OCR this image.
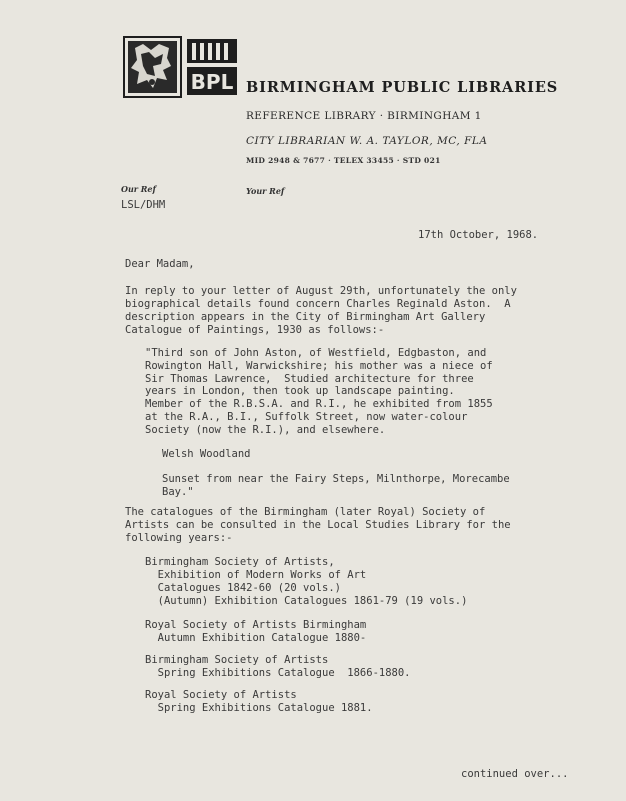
BPL BIRMINGHAM PUBLIC LIBRARIES
REFERENCE LIBRARY · BIRMINGHAM 1
CITY LIBRARIAN W. A. TAYLOR, MC, FLA
MID 2948 & 7677 · TELEX 33455 · STD 021
Our Ref	Your Ref
LSL/DHM
17th October, 1968.
Dear Madam,
In reply to your letter of August 29th, unfortunately the only
biographical details found concern Charles Reginald Aston.  A
description appears in the City of Birmingham Art Gallery
Catalogue of Paintings, 1930 as follows:-
"Third son of John Aston, of Westfield, Edgbaston, and
Rowington Hall, Warwickshire; his mother was a niece of
Sir Thomas Lawrence,  Studied architecture for three
years in London, then took up landscape painting.
Member of the R.B.S.A. and R.I., he exhibited from 1855
at the R.A., B.I., Suffolk Street, now water-colour
Society (now the R.I.), and elsewhere.
Welsh Woodland
Sunset from near the Fairy Steps, Milnthorpe, Morecambe
Bay."
The catalogues of the Birmingham (later Royal) Society of
Artists can be consulted in the Local Studies Library for the
following years:-
Birmingham Society of Artists,
Exhibition of Modern Works of Art
Catalogues 1842-60 (20 vols.)
(Autumn) Exhibition Catalogues 1861-79 (19 vols.)
Royal Society of Artists Birmingham
Autumn Exhibition Catalogue 1880-
Birmingham Society of Artists
Spring Exhibitions Catalogue  1866-1880.
Royal Society of Artists
Spring Exhibitions Catalogue 1881.
continued over...
